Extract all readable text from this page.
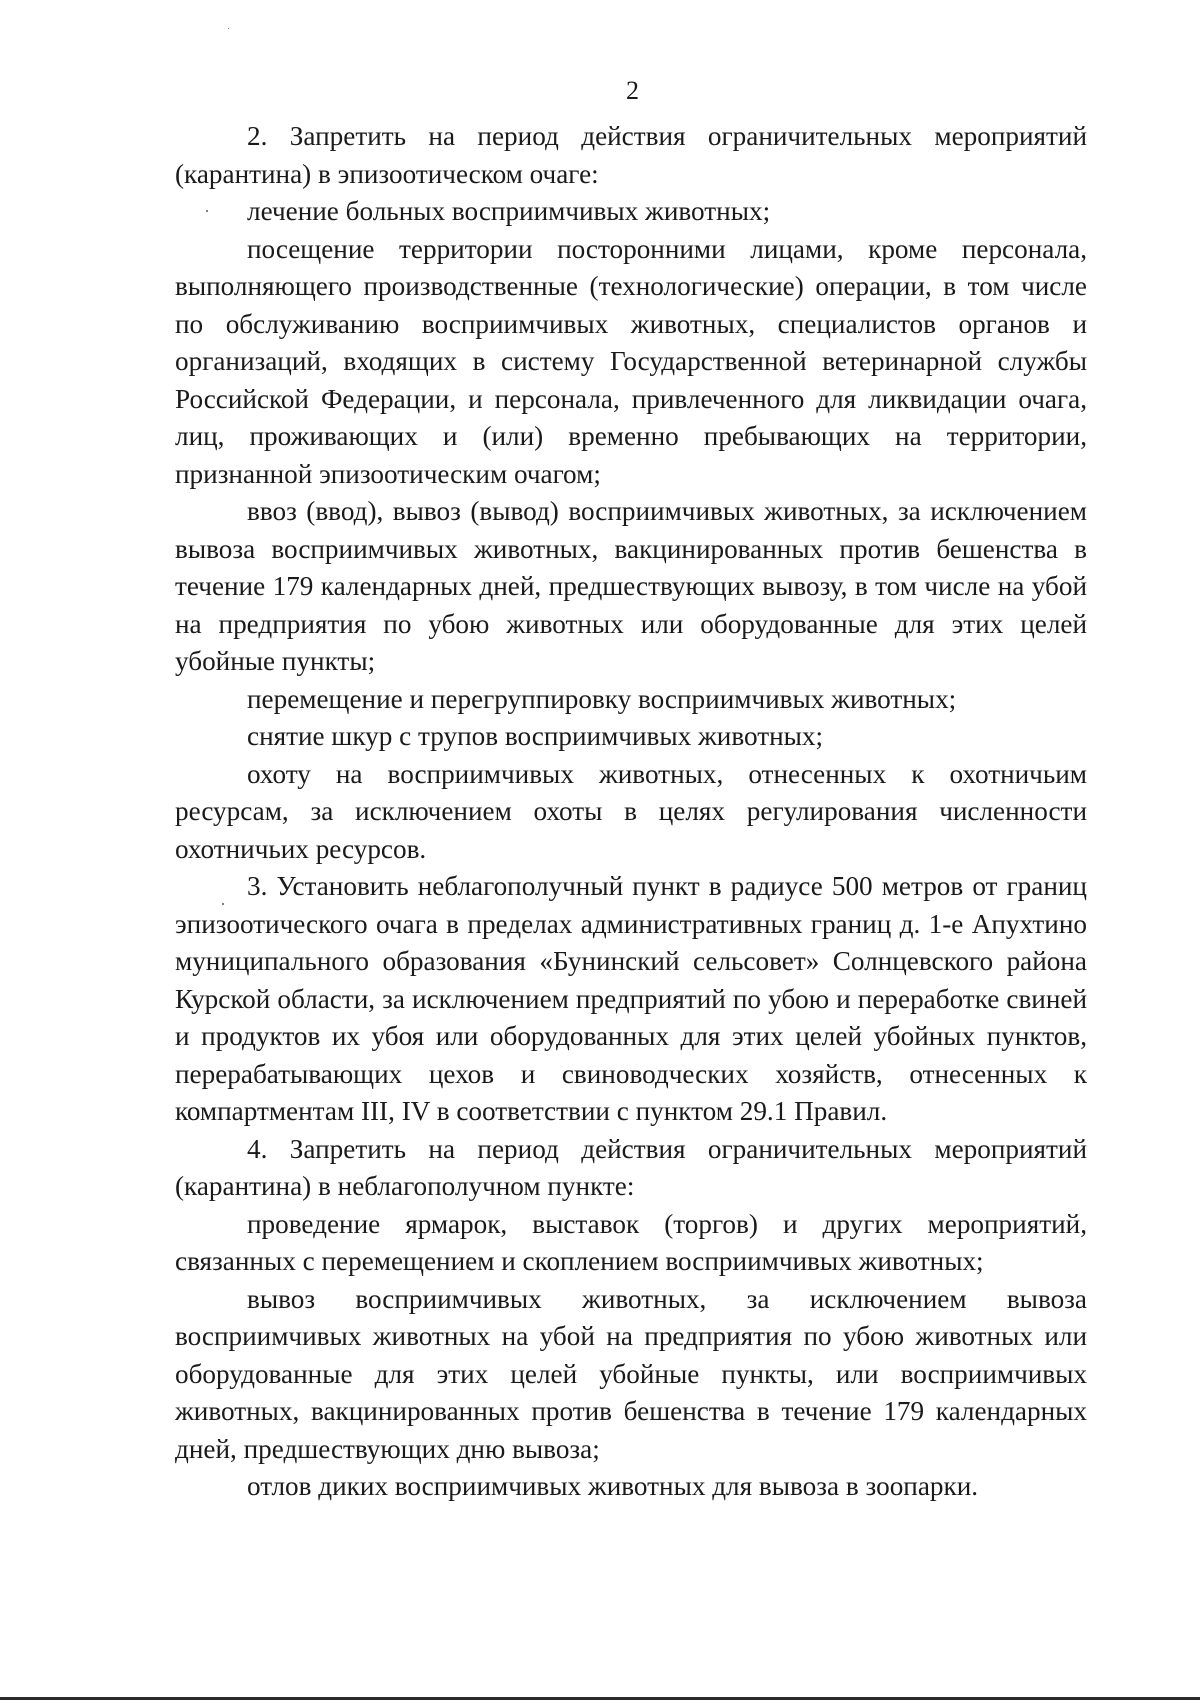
2

2. Запретить на период действия ограничительных мероприятий (карантина) в эпизоотическом очаге:

лечение больных восприимчивых животных;

посещение территории посторонними лицами, кроме персонала, выполняющего производственные (технологические) операции, в том числе по обслуживанию восприимчивых животных, специалистов органов и организаций, входящих в систему Государственной ветеринарной службы Российской Федерации, и персонала, привлеченного для ликвидации очага, лиц, проживающих и (или) временно пребывающих на территории, признанной эпизоотическим очагом;

ввоз (ввод), вывоз (вывод) восприимчивых животных, за исключением вывоза восприимчивых животных, вакцинированных против бешенства в течение 179 календарных дней, предшествующих вывозу, в том числе на убой на предприятия по убою животных или оборудованные для этих целей убойные пункты;

перемещение и перегруппировку восприимчивых животных;

снятие шкур с трупов восприимчивых животных;

охоту на восприимчивых животных, отнесенных к охотничьим ресурсам, за исключением охоты в целях регулирования численности охотничьих ресурсов.

3. Установить неблагополучный пункт в радиусе 500 метров от границ эпизоотического очага в пределах административных границ д. 1-е Апухтино муниципального образования «Бунинский сельсовет» Солнцевского района Курской области, за исключением предприятий по убою и переработке свиней и продуктов их убоя или оборудованных для этих целей убойных пунктов, перерабатывающих цехов и свиноводческих хозяйств, отнесенных к компартментам III, IV в соответствии с пунктом 29.1 Правил.

4. Запретить на период действия ограничительных мероприятий (карантина) в неблагополучном пункте:

проведение ярмарок, выставок (торгов) и других мероприятий, связанных с перемещением и скоплением восприимчивых животных;

вывоз восприимчивых животных, за исключением вывоза восприимчивых животных на убой на предприятия по убою животных или оборудованные для этих целей убойные пункты, или восприимчивых животных, вакцинированных против бешенства в течение 179 календарных дней, предшествующих дню вывоза;

отлов диких восприимчивых животных для вывоза в зоопарки.
